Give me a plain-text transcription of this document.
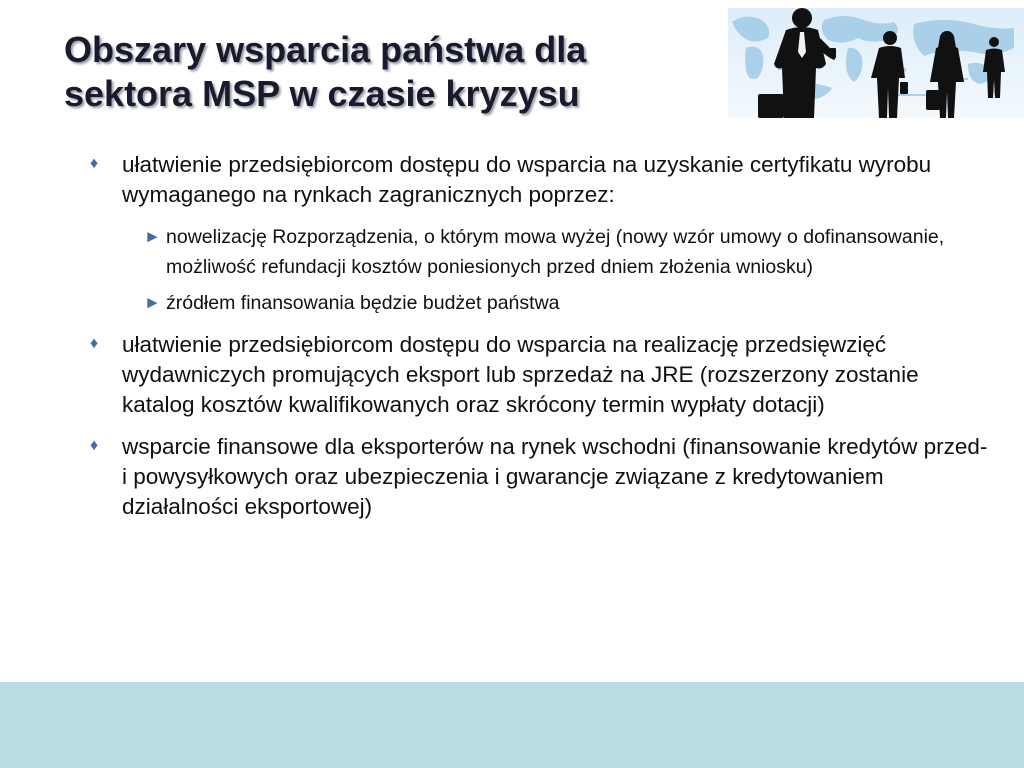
Obszary wsparcia państwa dla
sektora MSP w czasie kryzysu
♦ ułatwienie przedsiębiorcom dostępu do wsparcia na uzyskanie certyfikatu wyrobu wymaganego na rynkach zagranicznych poprzez:
► nowelizację Rozporządzenia, o którym mowa wyżej (nowy wzór umowy o dofinansowanie, możliwość refundacji kosztów poniesionych przed dniem złożenia wniosku)
► źródłem finansowania będzie budżet państwa
♦ ułatwienie przedsiębiorcom dostępu do wsparcia na realizację przedsięwzięć wydawniczych promujących eksport lub sprzedaż na JRE (rozszerzony zostanie katalog kosztów kwalifikowanych oraz skrócony termin wypłaty dotacji)
♦ wsparcie finansowe dla eksporterów na rynek wschodni (finansowanie kredytów przed- i powysyłkowych oraz ubezpieczenia i gwarancje związane z kredytowaniem działalności eksportowej)
